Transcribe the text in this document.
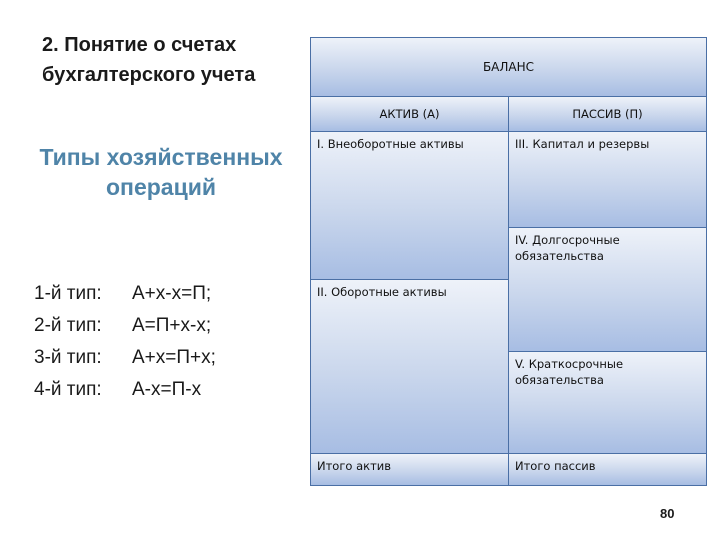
2. Понятие о счетах бухгалтерского учета
Типы хозяйственных операций
1-й тип: А+х-х=П;
2-й тип: А=П+х-х;
3-й тип: А+х=П+х;
4-й тип: А-х=П-х
БАЛАНС
АКТИВ (А)	ПАССИВ (П)
I. Внеоборотные активы
II. Оборотные активы
III. Капитал и резервы
IV. Долгосрочные обязательства
V. Краткосрочные обязательства
Итого актив	Итого пассив
80
